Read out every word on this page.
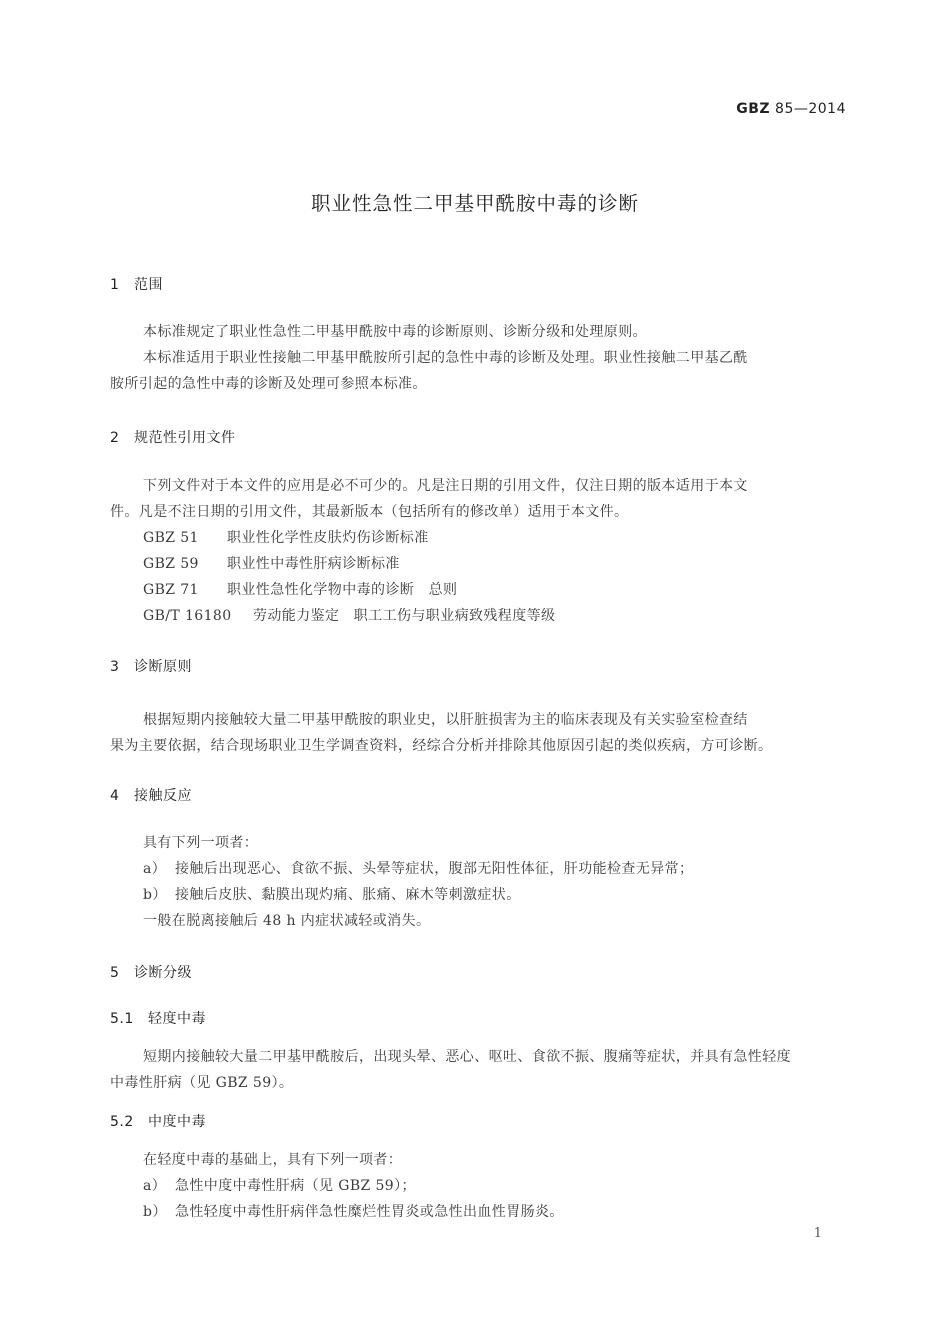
GBZ 85—2014
职业性急性二甲基甲酰胺中毒的诊断
1 范围
本标准规定了职业性急性二甲基甲酰胺中毒的诊断原则、诊断分级和处理原则。
本标准适用于职业性接触二甲基甲酰胺所引起的急性中毒的诊断及处理。职业性接触二甲基乙酰
胺所引起的急性中毒的诊断及处理可参照本标准。
2 规范性引用文件
下列文件对于本文件的应用是必不可少的。凡是注日期的引用文件，仅注日期的版本适用于本文
件。凡是不注日期的引用文件，其最新版本（包括所有的修改单）适用于本文件。
GBZ 51 职业性化学性皮肤灼伤诊断标准
GBZ 59 职业性中毒性肝病诊断标准
GBZ 71 职业性急性化学物中毒的诊断　总则
GB/T 16180 劳动能力鉴定　职工工伤与职业病致残程度等级
3 诊断原则
根据短期内接触较大量二甲基甲酰胺的职业史，以肝脏损害为主的临床表现及有关实验室检查结
果为主要依据，结合现场职业卫生学调查资料，经综合分析并排除其他原因引起的类似疾病，方可诊断。
4 接触反应
具有下列一项者：
a） 接触后出现恶心、食欲不振、头晕等症状，腹部无阳性体征，肝功能检查无异常；
b） 接触后皮肤、黏膜出现灼痛、胀痛、麻木等刺激症状。
一般在脱离接触后 48 h 内症状减轻或消失。
5 诊断分级
5.1 轻度中毒
短期内接触较大量二甲基甲酰胺后，出现头晕、恶心、呕吐、食欲不振、腹痛等症状，并具有急性轻度
中毒性肝病（见 GBZ 59）。
5.2 中度中毒
在轻度中毒的基础上，具有下列一项者：
a） 急性中度中毒性肝病（见 GBZ 59）；
b） 急性轻度中毒性肝病伴急性糜烂性胃炎或急性出血性胃肠炎。
1
